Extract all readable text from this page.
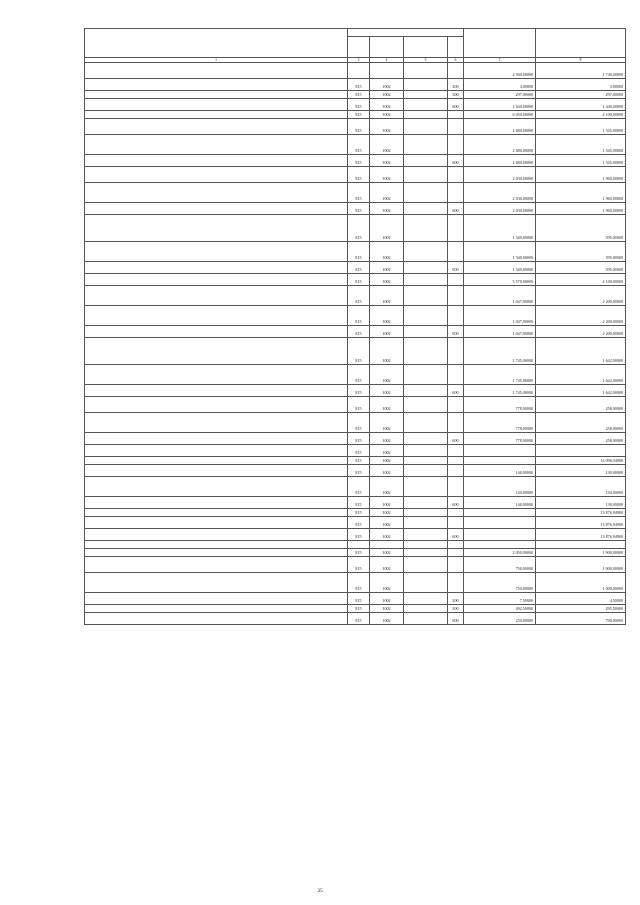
1	3	4	5	6	7	8
					2 940,00000	1 740,00000
	815	1002		200	3,00000	3,00000
	815	1002		300	297,00000	297,00000
	815	1002		600	2 640,00000	1 440,00000
	815	1002			6 050,00000	4 100,00000
	815	1002			2 680,00000	1 545,00000
	815	1002			2 680,00000	1 545,00000
	815	1002		600	2 680,00000	1 545,00000
	815	1002			2 030,00000	1 960,00000
	815	1002			2 030,00000	1 960,00000
	815	1002		600	2 030,00000	1 960,00000
	815	1002			1 340,00000	595,00000
	815	1002			1 340,00000	595,00000
	815	1002		600	1 340,00000	595,00000
	815	1002			5 570,00000	4 100,00000
	815	1002			1 047,00000	2 200,00000
	815	1002			1 047,00000	2 200,00000
	815	1002		600	1 047,00000	2 200,00000
	815	1002			1 745,00000	1 642,00000
	815	1002			1 745,00000	1 642,00000
	815	1002		600	1 745,00000	1 642,00000
	815	1002			778,00000	258,00000
	815	1002			778,00000	258,00000
	815	1002		600	778,00000	258,00000
	815	1002				
	815	1002				14 096,94900
	815	1002			140,00000	130,00000
	815	1002			140,00000	130,00000
	815	1002		600	140,00000	130,00000
	815	1002				13 876,94900
	815	1002				13 876,94900
	815	1002		600		13 876,94900

	815	1002			2 050,00000	1 900,00000
	815	1002			750,00000	1 000,00000
	815	1002			750,00000	1 000,00000
	815	1002		200	7,50000	4,50000
	815	1002		300	492,50000	295,50000
	815	1002		600	250,00000	700,00000
35
